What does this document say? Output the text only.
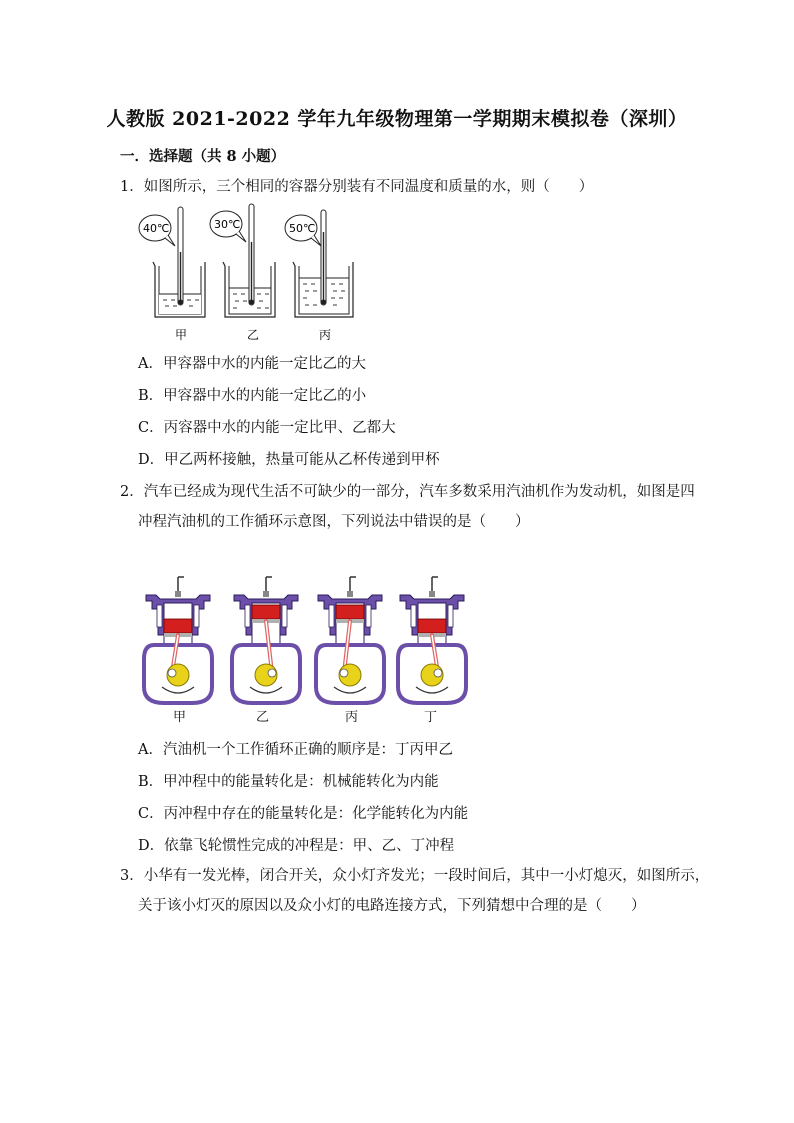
人教版 2021-2022 学年九年级物理第一学期期末模拟卷（深圳）
一．选择题（共 8 小题）
1．如图所示，三个相同的容器分别装有不同温度和质量的水，则（　　）
40℃	30℃	50℃
甲	乙	丙
A．甲容器中水的内能一定比乙的大
B．甲容器中水的内能一定比乙的小
C．丙容器中水的内能一定比甲、乙都大
D．甲乙两杯接触，热量可能从乙杯传递到甲杯
2．汽车已经成为现代生活不可缺少的一部分，汽车多数采用汽油机作为发动机，如图是四
冲程汽油机的工作循环示意图，下列说法中错误的是（　　）
甲	乙	丙	丁
A．汽油机一个工作循环正确的顺序是：丁丙甲乙
B．甲冲程中的能量转化是：机械能转化为内能
C．丙冲程中存在的能量转化是：化学能转化为内能
D．依靠飞轮惯性完成的冲程是：甲、乙、丁冲程
3．小华有一发光棒，闭合开关，众小灯齐发光；一段时间后，其中一小灯熄灭，如图所示，
关于该小灯灭的原因以及众小灯的电路连接方式，下列猜想中合理的是（　　）
